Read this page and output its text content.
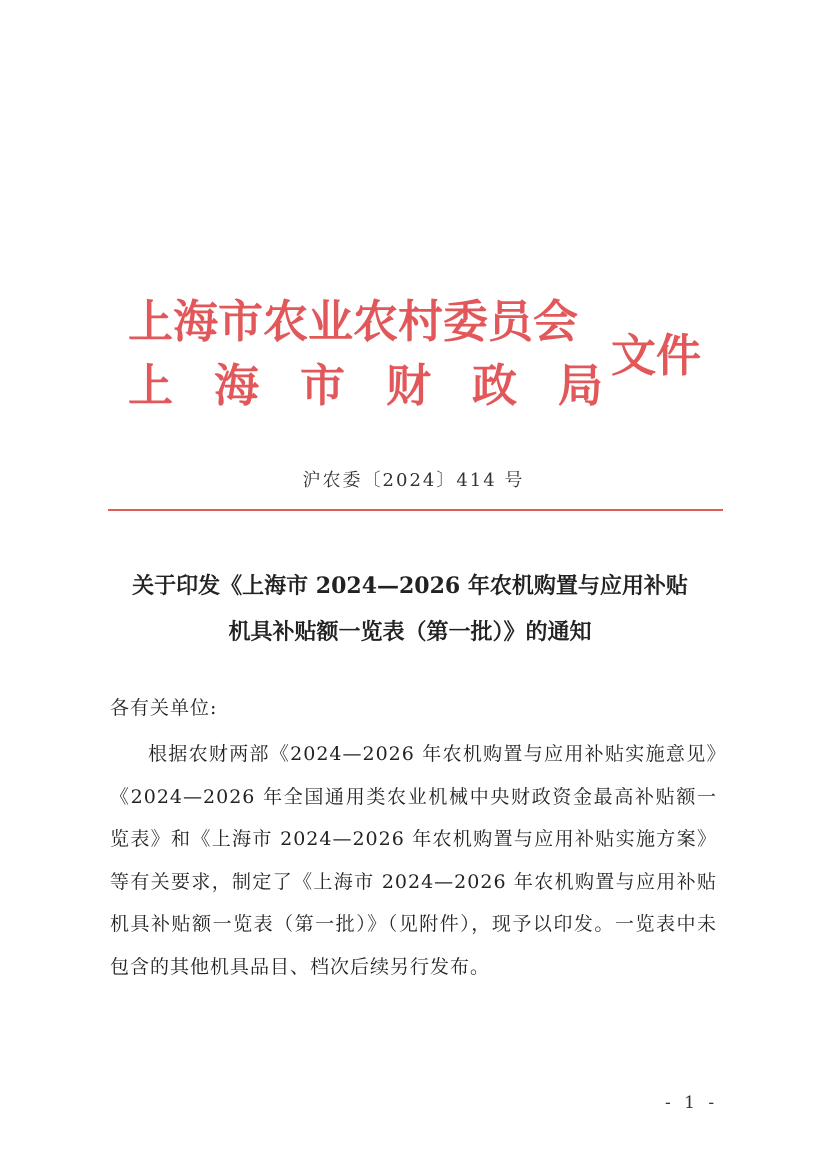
上海市农业农村委员会
上 海 市 财 政 局
文件
沪农委〔2024〕414 号
关于印发《上海市 2024—2026 年农机购置与应用补贴
机具补贴额一览表（第一批）》的通知
各有关单位:
根据农财两部《2024—2026 年农机购置与应用补贴实施意见》《2024—2026 年全国通用类农业机械中央财政资金最高补贴额一览表》和《上海市 2024—2026 年农机购置与应用补贴实施方案》等有关要求，制定了《上海市 2024—2026 年农机购置与应用补贴机具补贴额一览表（第一批）》（见附件），现予以印发。一览表中未包含的其他机具品目、档次后续另行发布。
- 1 -
